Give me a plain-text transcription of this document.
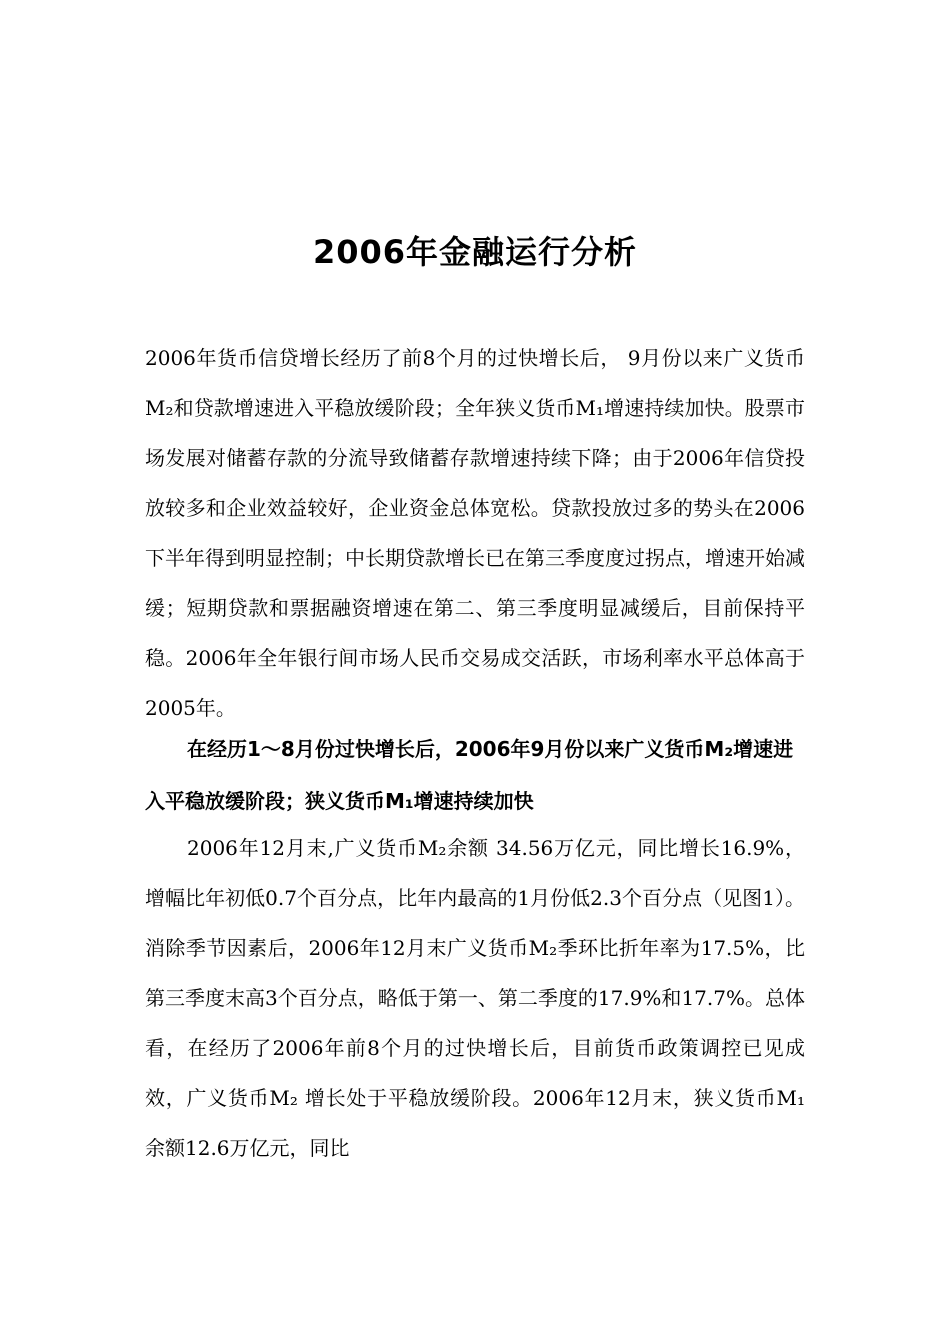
2006年金融运行分析

2006年货币信贷增长经历了前8个月的过快增长后， 9月份以来广义货币M₂和贷款增速进入平稳放缓阶段；全年狭义货币M₁增速持续加快。股票市场发展对储蓄存款的分流导致储蓄存款增速持续下降；由于2006年信贷投放较多和企业效益较好，企业资金总体宽松。贷款投放过多的势头在2006下半年得到明显控制；中长期贷款增长已在第三季度度过拐点，增速开始减缓；短期贷款和票据融资增速在第二、第三季度明显减缓后，目前保持平稳。2006年全年银行间市场人民币交易成交活跃，市场利率水平总体高于2005年。

在经历1～8月份过快增长后，2006年9月份以来广义货币M₂增速进入平稳放缓阶段；狭义货币M₁增速持续加快

2006年12月末,广义货币M₂余额 34.56万亿元，同比增长16.9%，增幅比年初低0.7个百分点，比年内最高的1月份低2.3个百分点（见图1）。消除季节因素后，2006年12月末广义货币M₂季环比折年率为17.5%，比第三季度末高3个百分点，略低于第一、第二季度的17.9%和17.7%。总体看，在经历了2006年前8个月的过快增长后，目前货币政策调控已见成效，广义货币M₂ 增长处于平稳放缓阶段。2006年12月末，狭义货币M₁ 余额12.6万亿元，同比
